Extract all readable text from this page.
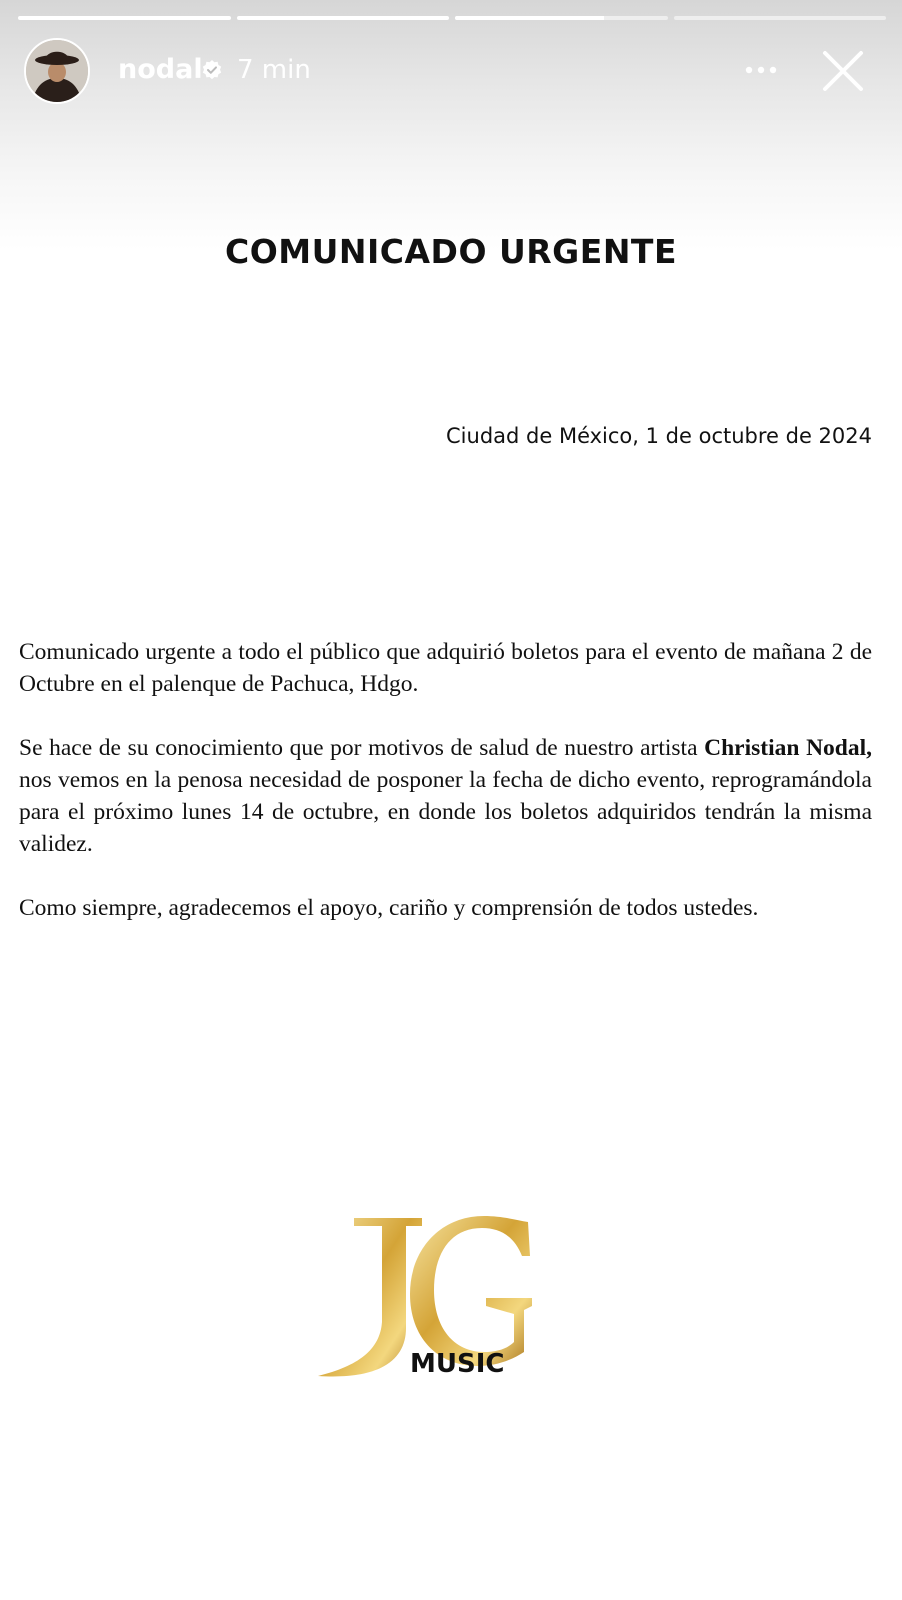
nodal 7 min
COMUNICADO URGENTE
Ciudad de México, 1 de octubre de 2024

Comunicado urgente a todo el público que adquirió boletos para el evento de mañana 2 de Octubre en el palenque de Pachuca, Hdgo.

Se hace de su conocimiento que por motivos de salud de nuestro artista Christian Nodal, nos vemos en la penosa necesidad de posponer la fecha de dicho evento, reprogramándola para el próximo lunes 14 de octubre, en donde los boletos adquiridos tendrán la misma validez.

Como siempre, agradecemos el apoyo, cariño y comprensión de todos ustedes.

MUSIC
